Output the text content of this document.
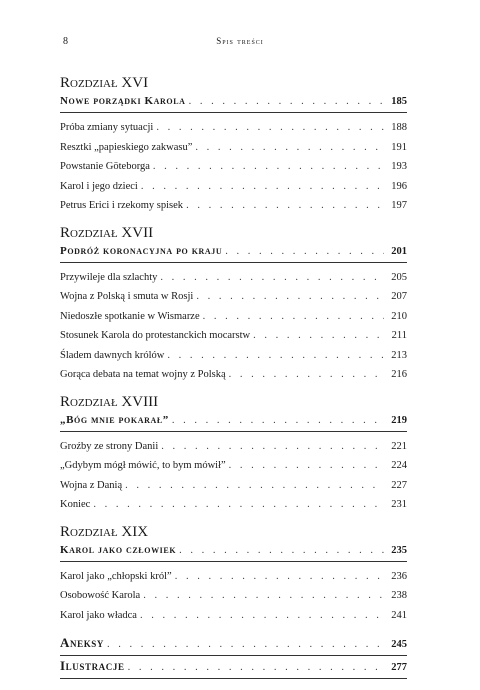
8	Spis treści
Rozdział XVI
Nowe porządki Karola . . .	185
Próba zmiany sytuacji . . .	188
Resztki „papieskiego zakwasu” . . .	191
Powstanie Göteborga . . .	193
Karol i jego dzieci . . .	196
Petrus Erici i rzekomy spisek . . .	197
Rozdział XVII
Podróż koronacyjna po kraju . . .	201
Przywileje dla szlachty . . .	205
Wojna z Polską i smuta w Rosji . . .	207
Niedoszłe spotkanie w Wismarze . . .	210
Stosunek Karola do protestanckich mocarstw . . .	211
Śladem dawnych królów . . .	213
Gorąca debata na temat wojny z Polską . . .	216
Rozdział XVIII
„Bóg mnie pokarał” . . .	219
Groźby ze strony Danii . . .	221
„Gdybym mógł mówić, to bym mówił” . . .	224
Wojna z Danią . . .	227
Koniec . . .	231
Rozdział XIX
Karol jako człowiek . . .	235
Karol jako „chłopski król” . . .	236
Osobowość Karola . . .	238
Karol jako władca . . .	241
Aneksy . . .	245
Ilustracje . . .	277
